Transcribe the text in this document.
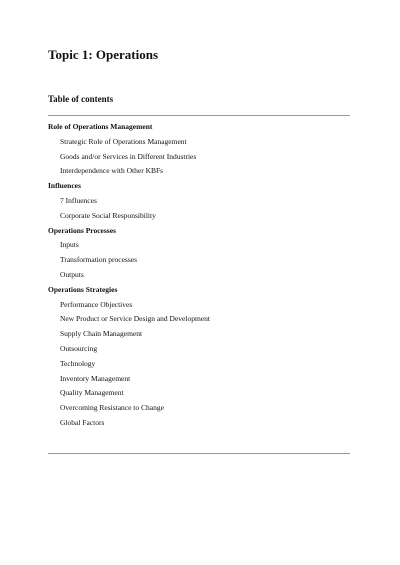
Topic 1: Operations
Table of contents
Role of Operations Management
Strategic Role of Operations Management
Goods and/or Services in Different Industries
Interdependence with Other KBFs
Influences
7 Influences
Corporate Social Responsibility
Operations Processes
Inputs
Transformation processes
Outputs
Operations Strategies
Performance Objectives
New Product or Service Design and Development
Supply Chain Management
Outsourcing
Technology
Inventory Management
Quality Management
Overcoming Resistance to Change
Global Factors
